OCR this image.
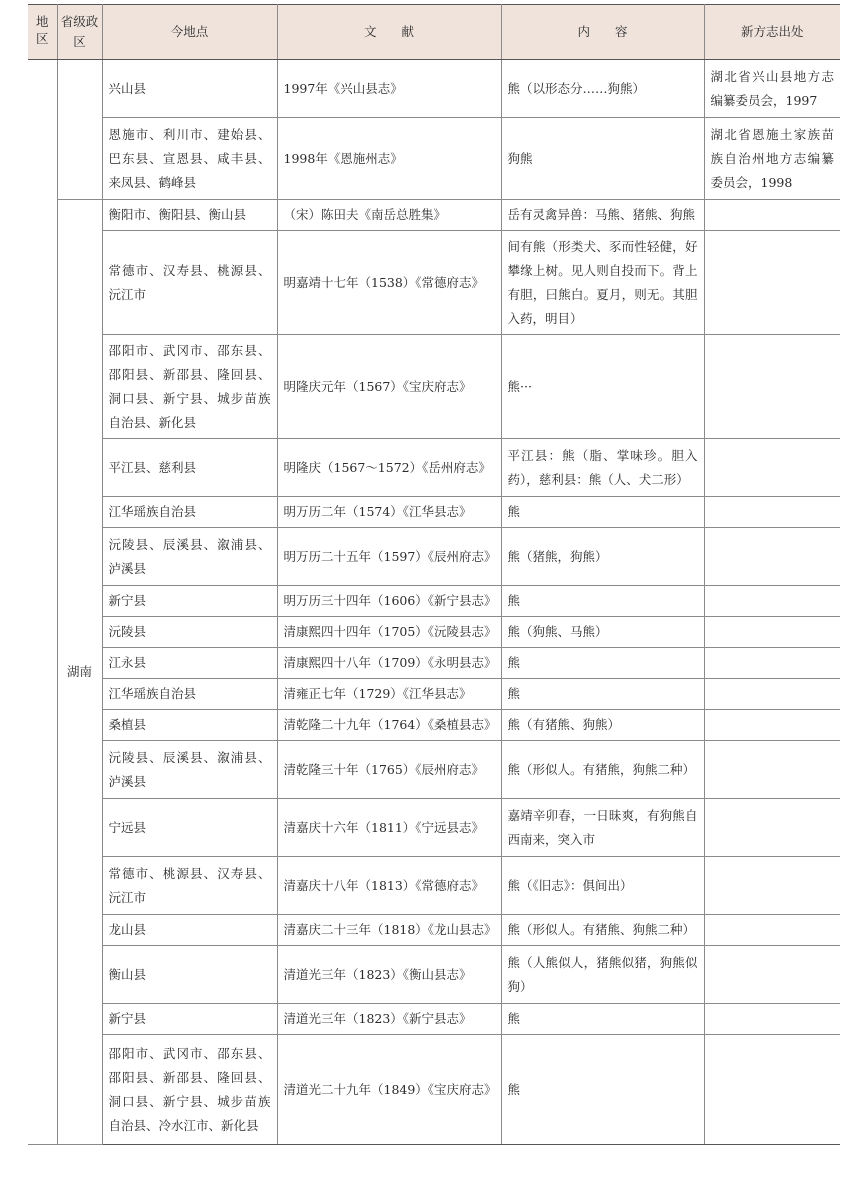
地区	省级政区	今地点	文　　献	内　　容	新方志出处
		兴山县	1997年《兴山县志》	熊（以形态分……狗熊）	湖北省兴山县地方志编纂委员会，1997
		恩施市、利川市、建始县、巴东县、宣恩县、咸丰县、来凤县、鹤峰县	1998年《恩施州志》	狗熊	湖北省恩施土家族苗族自治州地方志编纂委员会，1998
	湖南	衡阳市、衡阳县、衡山县	（宋）陈田夫《南岳总胜集》	岳有灵禽异兽：马熊、猪熊、狗熊	
		常德市、汉寿县、桃源县、沅江市	明嘉靖十七年（1538）《常德府志》	间有熊（形类犬、豕而性轻健，好攀缘上树。见人则自投而下。背上有胆，曰熊白。夏月，则无。其胆入药，明目）	
		邵阳市、武冈市、邵东县、邵阳县、新邵县、隆回县、洞口县、新宁县、城步苗族自治县、新化县	明隆庆元年（1567）《宝庆府志》	熊···	
		平江县、慈利县	明隆庆（1567～1572）《岳州府志》	平江县：熊（脂、掌味珍。胆入药），慈利县：熊（人、犬二形）	
		江华瑶族自治县	明万历二年（1574）《江华县志》	熊	
		沅陵县、辰溪县、溆浦县、泸溪县	明万历二十五年（1597）《辰州府志》	熊（猪熊，狗熊）	
		新宁县	明万历三十四年（1606）《新宁县志》	熊	
		沅陵县	清康熙四十四年（1705）《沅陵县志》	熊（狗熊、马熊）	
		江永县	清康熙四十八年（1709）《永明县志》	熊	
		江华瑶族自治县	清雍正七年（1729）《江华县志》	熊	
		桑植县	清乾隆二十九年（1764）《桑植县志》	熊（有猪熊、狗熊）	
		沅陵县、辰溪县、溆浦县、泸溪县	清乾隆三十年（1765）《辰州府志》	熊（形似人。有猪熊，狗熊二种）	
		宁远县	清嘉庆十六年（1811）《宁远县志》	嘉靖辛卯春，一日昧爽，有狗熊自西南来，突入市	
		常德市、桃源县、汉寿县、沅江市	清嘉庆十八年（1813）《常德府志》	熊（《旧志》：俱间出）	
		龙山县	清嘉庆二十三年（1818）《龙山县志》	熊（形似人。有猪熊、狗熊二种）	
		衡山县	清道光三年（1823）《衡山县志》	熊（人熊似人，猪熊似猪，狗熊似狗）	
		新宁县	清道光三年（1823）《新宁县志》	熊	
		邵阳市、武冈市、邵东县、邵阳县、新邵县、隆回县、洞口县、新宁县、城步苗族自治县、冷水江市、新化县	清道光二十九年（1849）《宝庆府志》	熊	
